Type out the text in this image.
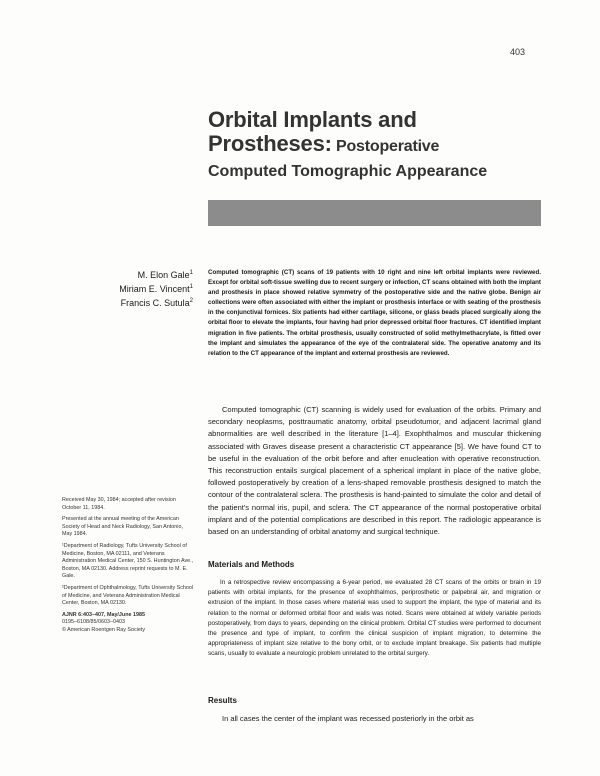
403
Orbital Implants and
Prostheses: Postoperative
Computed Tomographic Appearance
M. Elon Gale$^1$
Miriam E. Vincent$^1$
Francis C. Sutula$^2$
Computed tomographic (CT) scans of 19 patients with 10 right and nine left orbital implants were reviewed. Except for orbital soft-tissue swelling due to recent surgery or infection, CT scans obtained with both the implant and prosthesis in place showed relative symmetry of the postoperative side and the native globe. Benign air collections were often associated with either the implant or prosthesis interface or with seating of the prosthesis in the conjunctival fornices. Six patients had either cartilage, silicone, or glass beads placed surgically along the orbital floor to elevate the implants, four having had prior depressed orbital floor fractures. CT identified implant migration in five patients. The orbital prosthesis, usually constructed of solid methylmethacrylate, is fitted over the implant and simulates the appearance of the eye of the contralateral side. The operative anatomy and its relation to the CT appearance of the implant and external prosthesis are reviewed.
Computed tomographic (CT) scanning is widely used for evaluation of the orbits. Primary and secondary neoplasms, posttraumatic anatomy, orbital pseudotumor, and adjacent lacrimal gland abnormalities are well described in the literature [1–4]. Exophthalmos and muscular thickening associated with Graves disease present a characteristic CT appearance [5]. We have found CT to be useful in the evaluation of the orbit before and after enucleation with operative reconstruction. This reconstruction entails surgical placement of a spherical implant in place of the native globe, followed postoperatively by creation of a lens-shaped removable prosthesis designed to match the contour of the contralateral sclera. The prosthesis is hand-painted to simulate the color and detail of the patient's normal iris, pupil, and sclera. The CT appearance of the normal postoperative orbital implant and of the potential complications are described in this report. The radiologic appearance is based on an understanding of orbital anatomy and surgical technique.
Materials and Methods
In a retrospective review encompassing a 6-year period, we evaluated 28 CT scans of the orbits or brain in 19 patients with orbital implants, for the presence of exophthalmos, periprosthetic or palpebral air, and migration or extrusion of the implant. In those cases where material was used to support the implant, the type of material and its relation to the normal or deformed orbital floor and walls was noted. Scans were obtained at widely variable periods postoperatively, from days to years, depending on the clinical problem. Orbital CT studies were performed to document the presence and type of implant, to confirm the clinical suspicion of implant migration, to determine the appropriateness of implant size relative to the bony orbit, or to exclude implant breakage. Six patients had multiple scans, usually to evaluate a neurologic problem unrelated to the orbital surgery.
Results
In all cases the center of the implant was recessed posteriorly in the orbit as

Received May 30, 1984; accepted after revision October 11, 1984.

Presented at the annual meeting of the American Society of Head and Neck Radiology, San Antonio, May 1984.

¹Department of Radiology, Tufts University School of Medicine, Boston, MA 02111, and Veterans Administration Medical Center, 150 S. Huntington Ave., Boston, MA 02130. Address reprint requests to M. E. Gale.

²Department of Ophthalmology, Tufts University School of Medicine, and Veterans Administration Medical Center, Boston, MA 02130.

AJNR 6:403–407, May/June 1985
0195–6108/85/0603–0403
© American Roentgen Ray Society
